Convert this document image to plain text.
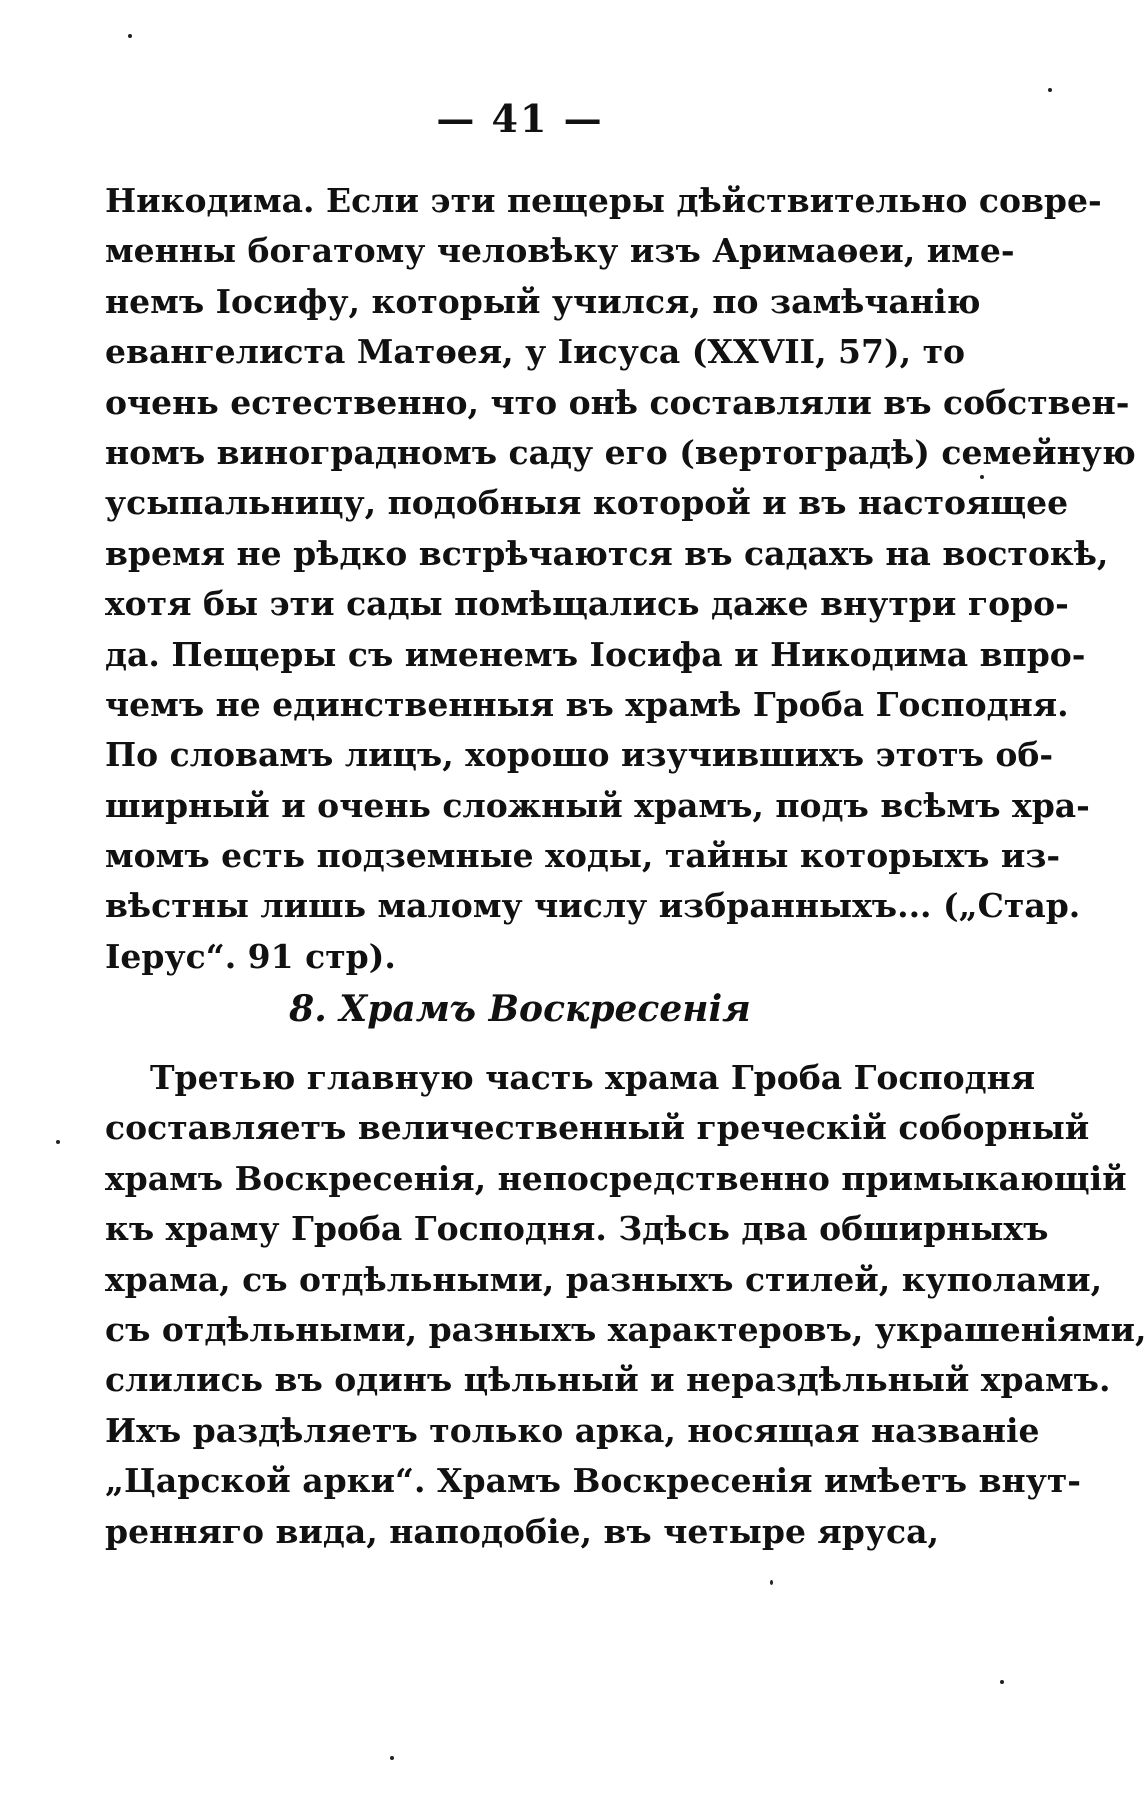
— 41 —
Никодима. Если эти пещеры дѣйствительно совре-
менны богатому человѣку изъ Аримаѳеи, име-
немъ Іосифу, который учился, по замѣчанію
евангелиста Матѳея, у Іисуса (XXVII, 57), то
очень естественно, что онѣ составляли въ собствен-
номъ виноградномъ саду его (вертоградѣ) семейную
усыпальницу, подобныя которой и въ настоящее
время не рѣдко встрѣчаются въ садахъ на востокѣ,
хотя бы эти сады помѣщались даже внутри горо-
да. Пещеры съ именемъ Іосифа и Никодима впро-
чемъ не единственныя въ храмѣ Гроба Господня.
По словамъ лицъ, хорошо изучившихъ этотъ об-
ширный и очень сложный храмъ, подъ всѣмъ хра-
момъ есть подземные ходы, тайны которыхъ из-
вѣстны лишь малому числу избранныхъ... („Стар.
Іерус“. 91 стр).
8. Храмъ Воскресенія
Третью главную часть храма Гроба Господня
составляетъ величественный греческій соборный
храмъ Воскресенія, непосредственно примыкающій
къ храму Гроба Господня. Здѣсь два обширныхъ
храма, съ отдѣльными, разныхъ стилей, куполами,
съ отдѣльными, разныхъ характеровъ, украшеніями,
слились въ одинъ цѣльный и нераздѣльный храмъ.
Ихъ раздѣляетъ только арка, носящая названіе
„Царской арки“. Храмъ Воскресенія имѣетъ внут-
ренняго вида, наподобіе, въ четыре яруса,
